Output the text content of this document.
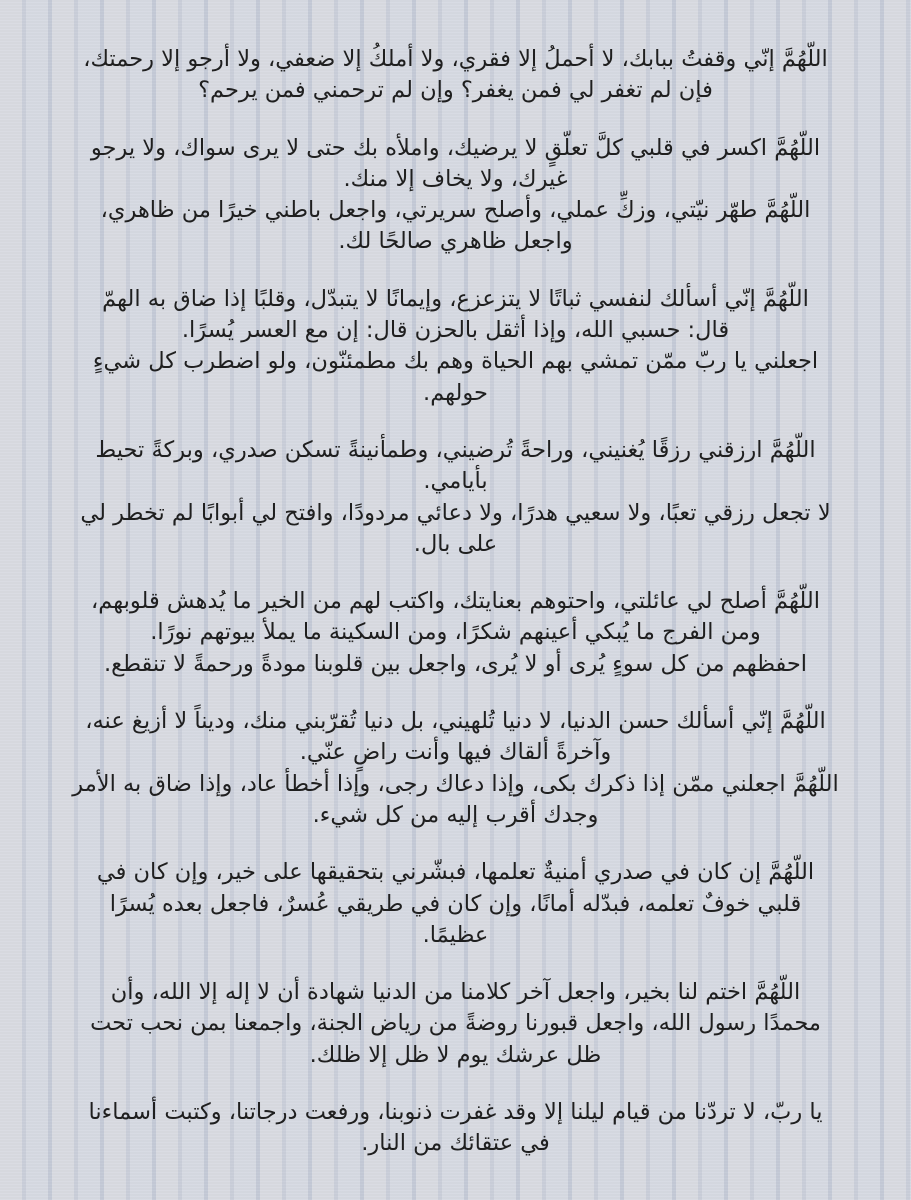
اللّهُمَّ إنّي وقفتُ ببابك، لا أحملُ إلا فقري، ولا أملكُ إلا ضعفي، ولا أرجو إلا رحمتك،
فإن لم تغفر لي فمن يغفر؟ وإن لم ترحمني فمن يرحم؟
اللّهُمَّ اكسر في قلبي كلَّ تعلّقٍ لا يرضيك، واملأه بك حتى لا يرى سواك، ولا يرجو
غيرك، ولا يخاف إلا منك.
اللّهُمَّ طهّر نيّتي، وزكِّ عملي، وأصلح سريرتي، واجعل باطني خيرًا من ظاهري،
واجعل ظاهري صالحًا لك.
اللّهُمَّ إنّي أسألك لنفسي ثباتًا لا يتزعزع، وإيمانًا لا يتبدّل، وقلبًا إذا ضاق به الهمّ
قال: حسبي الله، وإذا أثقل بالحزن قال: إن مع العسر يُسرًا.
اجعلني يا ربّ ممّن تمشي بهم الحياة وهم بك مطمئنّون، ولو اضطرب كل شيءٍ
حولهم.
اللّهُمَّ ارزقني رزقًا يُغنيني، وراحةً تُرضيني، وطمأنينةً تسكن صدري، وبركةً تحيط
بأيامي.
لا تجعل رزقي تعبًا، ولا سعيي هدرًا، ولا دعائي مردودًا، وافتح لي أبوابًا لم تخطر لي
على بال.
اللّهُمَّ أصلح لي عائلتي، واحتوهم بعنايتك، واكتب لهم من الخير ما يُدهش قلوبهم،
ومن الفرج ما يُبكي أعينهم شكرًا، ومن السكينة ما يملأ بيوتهم نورًا.
احفظهم من كل سوءٍ يُرى أو لا يُرى، واجعل بين قلوبنا مودةً ورحمةً لا تنقطع.
اللّهُمَّ إنّي أسألك حسن الدنيا، لا دنيا تُلهيني، بل دنيا تُقرّبني منك، وديناً لا أزيغ عنه،
وآخرةً ألقاك فيها وأنت راضٍ عنّي.
اللّهُمَّ اجعلني ممّن إذا ذكرك بكى، وإذا دعاك رجى، وإذا أخطأ عاد، وإذا ضاق به الأمر
وجدك أقرب إليه من كل شيء.
اللّهُمَّ إن كان في صدري أمنيةٌ تعلمها، فبشّرني بتحقيقها على خير، وإن كان في
قلبي خوفٌ تعلمه، فبدّله أمانًا، وإن كان في طريقي عُسرٌ، فاجعل بعده يُسرًا
عظيمًا.
اللّهُمَّ اختم لنا بخير، واجعل آخر كلامنا من الدنيا شهادة أن لا إله إلا الله، وأن
محمدًا رسول الله، واجعل قبورنا روضةً من رياض الجنة، واجمعنا بمن نحب تحت
ظل عرشك يوم لا ظل إلا ظلك.
يا ربّ، لا تردّنا من قيام ليلنا إلا وقد غفرت ذنوبنا، ورفعت درجاتنا، وكتبت أسماءنا
في عتقائك من النار.
